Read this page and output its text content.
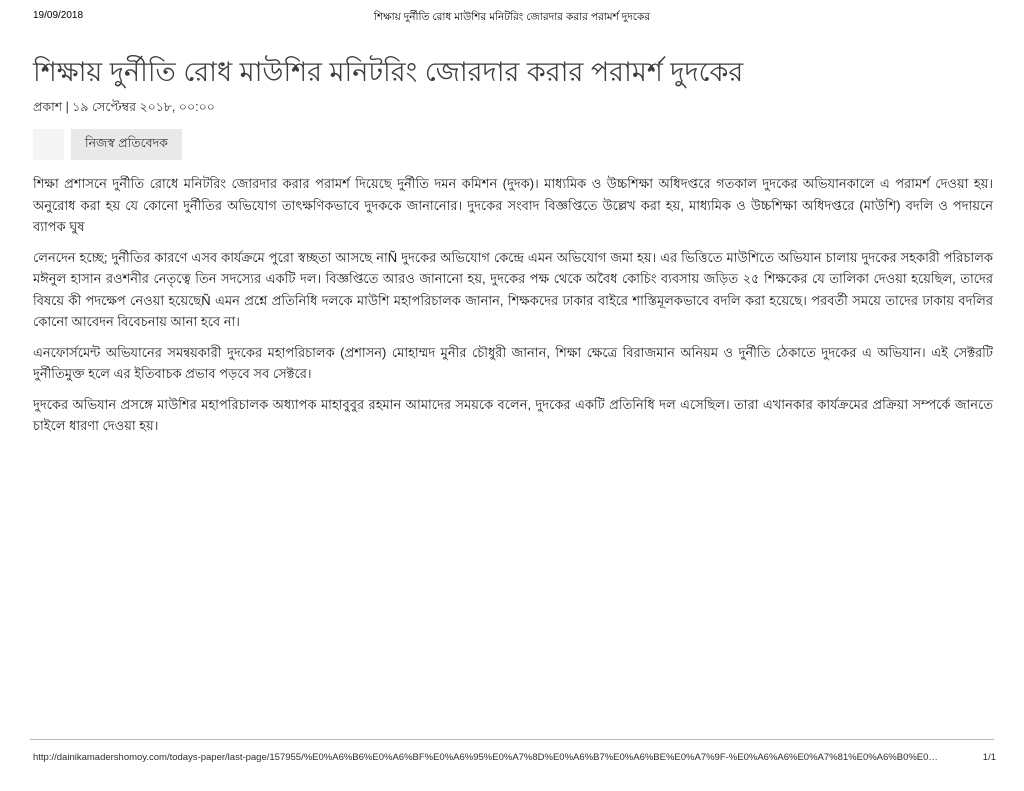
19/09/2018	শিক্ষায় দুর্নীতি রোধ মাউশির মনিটরিং জোরদার করার পরামর্শ দুদকের
শিক্ষায় দুর্নীতি রোধ মাউশির মনিটরিং জোরদার করার পরামর্শ দুদকের
প্রকাশ | ১৯ সেপ্টেম্বর ২০১৮, ০০:০০
নিজস্ব প্রতিবেদক

শিক্ষা প্রশাসনে দুর্নীতি রোধে মনিটরিং জোরদার করার পরামর্শ দিয়েছে দুর্নীতি দমন কমিশন (দুদক)। মাধ্যমিক ও উচ্চশিক্ষা অধিদপ্তরে গতকাল দুদকের অভিযানকালে এ পরামর্শ দেওয়া হয়। অনুরোধ করা হয় যে কোনো দুর্নীতির অভিযোগ তাৎক্ষণিকভাবে দুদককে জানানোর। দুদকের সংবাদ বিজ্ঞপ্তিতে উল্লেখ করা হয়, মাধ্যমিক ও উচ্চশিক্ষা অধিদপ্তরে (মাউশি) বদলি ও পদায়নে ব্যাপক ঘুষ

লেনদেন হচ্ছে; দুর্নীতির কারণে এসব কার্যক্রমে পুরো স্বচ্ছতা আসছে নাÑ দুদকের অভিযোগ কেন্দ্রে এমন অভিযোগ জমা হয়। এর ভিত্তিতে মাউশিতে অভিযান চালায় দুদকের সহকারী পরিচালক মঈনুল হাসান রওশনীর নেতৃত্বে তিন সদস্যের একটি দল। বিজ্ঞপ্তিতে আরও জানানো হয়, দুদকের পক্ষ থেকে অবৈধ কোচিং ব্যবসায় জড়িত ২৫ শিক্ষকের যে তালিকা দেওয়া হয়েছিল, তাদের বিষয়ে কী পদক্ষেপ নেওয়া হয়েছেÑ এমন প্রশ্নে প্রতিনিধি দলকে মাউশি মহাপরিচালক জানান, শিক্ষকদের ঢাকার বাইরে শাস্তিমূলকভাবে বদলি করা হয়েছে। পরবর্তী সময়ে তাদের ঢাকায় বদলির কোনো আবেদন বিবেচনায় আনা হবে না।

এনফোর্সমেন্ট অভিযানের সমন্বয়কারী দুদকের মহাপরিচালক (প্রশাসন) মোহাম্মদ মুনীর চৌধুরী জানান, শিক্ষা ক্ষেত্রে বিরাজমান অনিয়ম ও দুর্নীতি ঠেকাতে দুদকের এ অভিযান। এই সেক্টরটি দুর্নীতিমুক্ত হলে এর ইতিবাচক প্রভাব পড়বে সব সেক্টরে।

দুদকের অভিযান প্রসঙ্গে মাউশির মহাপরিচালক অধ্যাপক মাহাবুবুর রহমান আমাদের সময়কে বলেন, দুদকের একটি প্রতিনিধি দল এসেছিল। তারা এখানকার কার্যক্রমের প্রক্রিয়া সম্পর্কে জানতে চাইলে ধারণা দেওয়া হয়।

http://dainikamadershomoy.com/todays-paper/last-page/157955/%E0%A6%B6%E0%A6%BF%E0%A6%95%E0%A7%8D%E0%A6%B7%E0%A6%BE%E0%A7%9F-%E0%A6%A6%E0%A7%81%E0%A6%B0%E0…	1/1
